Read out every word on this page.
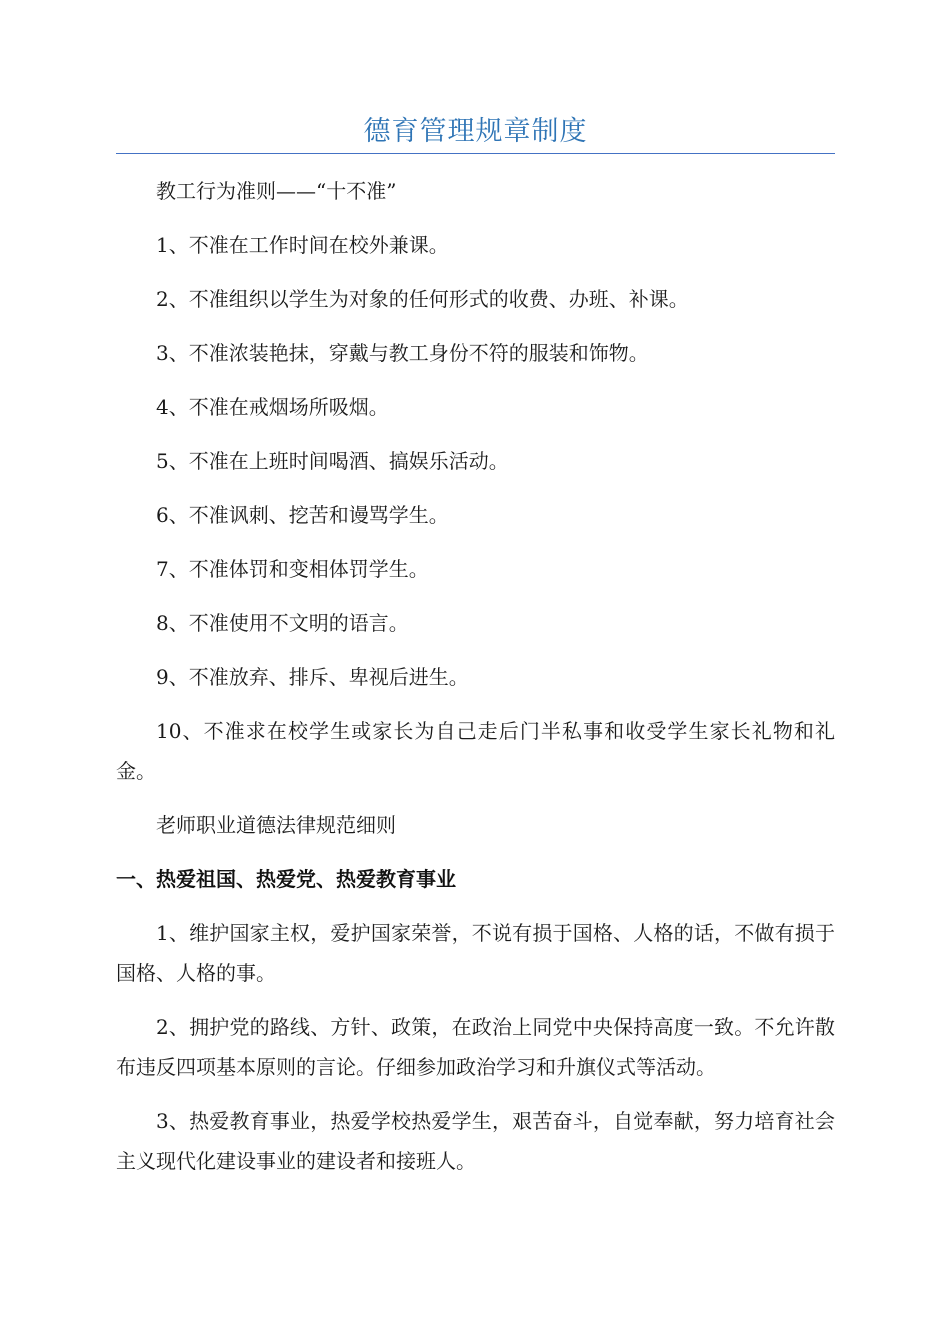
德育管理规章制度

教工行为准则——“十不准”

1、不准在工作时间在校外兼课。

2、不准组织以学生为对象的任何形式的收费、办班、补课。

3、不准浓装艳抹，穿戴与教工身份不符的服装和饰物。

4、不准在戒烟场所吸烟。

5、不准在上班时间喝酒、搞娱乐活动。

6、不准讽刺、挖苦和谩骂学生。

7、不准体罚和变相体罚学生。

8、不准使用不文明的语言。

9、不准放弃、排斥、卑视后进生。

10、不准求在校学生或家长为自己走后门半私事和收受学生家长礼物和礼金。

老师职业道德法律规范细则

一、热爱祖国、热爱党、热爱教育事业

1、维护国家主权，爱护国家荣誉，不说有损于国格、人格的话，不做有损于国格、人格的事。

2、拥护党的路线、方针、政策，在政治上同党中央保持高度一致。不允许散布违反四项基本原则的言论。仔细参加政治学习和升旗仪式等活动。

3、热爱教育事业，热爱学校热爱学生，艰苦奋斗，自觉奉献，努力培育社会主义现代化建设事业的建设者和接班人。
